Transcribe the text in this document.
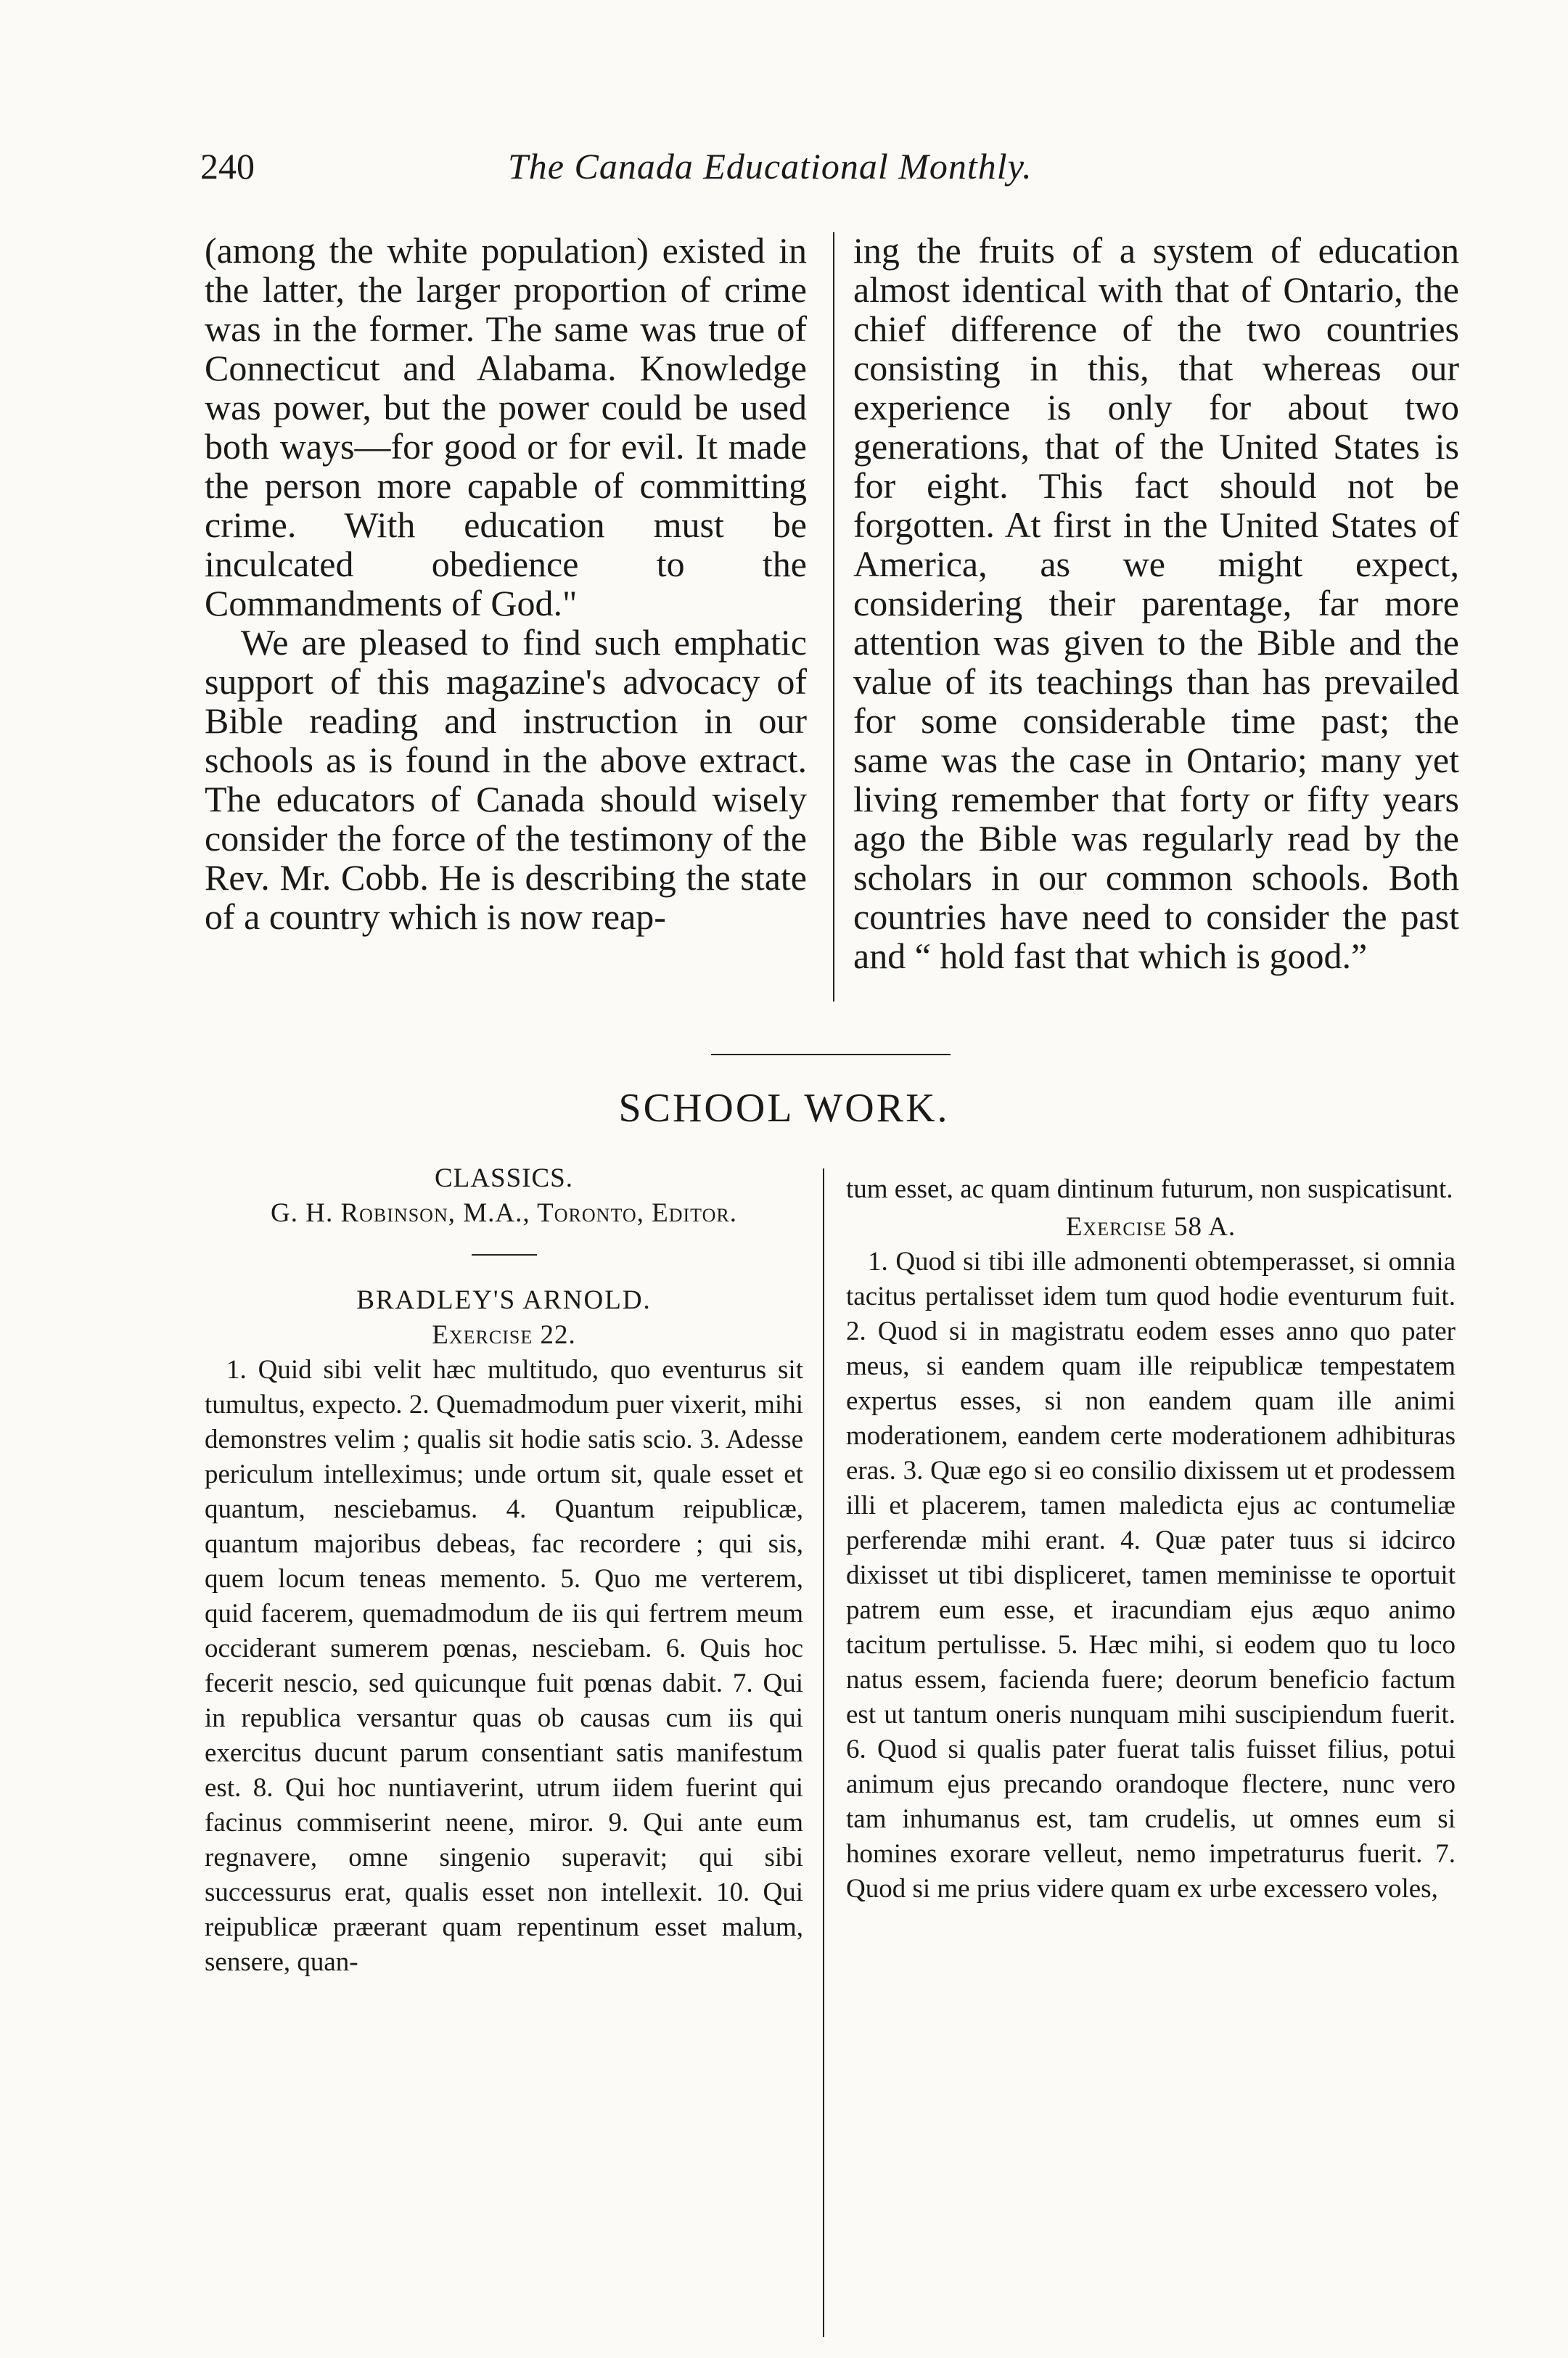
240	The Canada Educational Monthly.

(among the white population) existed in the latter, the larger proportion of crime was in the former. The same was true of Connecticut and Alabama. Knowledge was power, but the power could be used both ways—for good or for evil. It made the person more capable of committing crime. With education must be inculcated obedience to the Commandments of God."

We are pleased to find such emphatic support of this magazine's advocacy of Bible reading and instruction in our schools as is found in the above extract. The educators of Canada should wisely consider the force of the testimony of the Rev. Mr. Cobb. He is describing the state of a country which is now reap-

ing the fruits of a system of education almost identical with that of Ontario, the chief difference of the two countries consisting in this, that whereas our experience is only for about two generations, that of the United States is for eight. This fact should not be forgotten. At first in the United States of America, as we might expect, considering their parentage, far more attention was given to the Bible and the value of its teachings than has prevailed for some considerable time past; the same was the case in Ontario; many yet living remember that forty or fifty years ago the Bible was regularly read by the scholars in our common schools. Both countries have need to consider the past and “ hold fast that which is good.”

SCHOOL WORK.

CLASSICS.

G. H. Robinson, M.A., Toronto, Editor.

BRADLEY'S ARNOLD.

Exercise 22.

1. Quid sibi velit hæc multitudo, quo eventurus sit tumultus, expecto. 2. Quemadmodum puer vixerit, mihi demonstres velim ; qualis sit hodie satis scio. 3. Adesse periculum intelleximus; unde ortum sit, quale esset et quantum, nesciebamus. 4. Quantum reipublicæ, quantum majoribus debeas, fac recordere ; qui sis, quem locum teneas memento. 5. Quo me verterem, quid facerem, quemadmodum de iis qui fertrem meum occiderant sumerem pœnas, nesciebam. 6. Quis hoc fecerit nescio, sed quicunque fuit pœnas dabit. 7. Qui in republica versantur quas ob causas cum iis qui exercitus ducunt parum consentiant satis manifestum est. 8. Qui hoc nuntiaverint, utrum iidem fuerint qui facinus commiserint neene, miror. 9. Qui ante eum regnavere, omne singenio superavit; qui sibi successurus erat, qualis esset non intellexit. 10. Qui reipublicæ præerant quam repentinum esset malum, sensere, quan-

tum esset, ac quam dintinum futurum, non suspicatisunt.

Exercise 58 A.

1. Quod si tibi ille admonenti obtemperasset, si omnia tacitus pertalisset idem tum quod hodie eventurum fuit. 2. Quod si in magistratu eodem esses anno quo pater meus, si eandem quam ille reipublicæ tempestatem expertus esses, si non eandem quam ille animi moderationem, eandem certe moderationem adhibituras eras. 3. Quæ ego si eo consilio dixissem ut et prodessem illi et placerem, tamen maledicta ejus ac contumeliæ perferendæ mihi erant. 4. Quæ pater tuus si idcirco dixisset ut tibi displiceret, tamen meminisse te oportuit patrem eum esse, et iracundiam ejus æquo animo tacitum pertulisse. 5. Hæc mihi, si eodem quo tu loco natus essem, facienda fuere; deorum beneficio factum est ut tantum oneris nunquam mihi suscipiendum fuerit. 6. Quod si qualis pater fuerat talis fuisset filius, potui animum ejus precando orandoque flectere, nunc vero tam inhumanus est, tam crudelis, ut omnes eum si homines exorare velleut, nemo impetraturus fuerit. 7. Quod si me prius videre quam ex urbe excessero voles,
